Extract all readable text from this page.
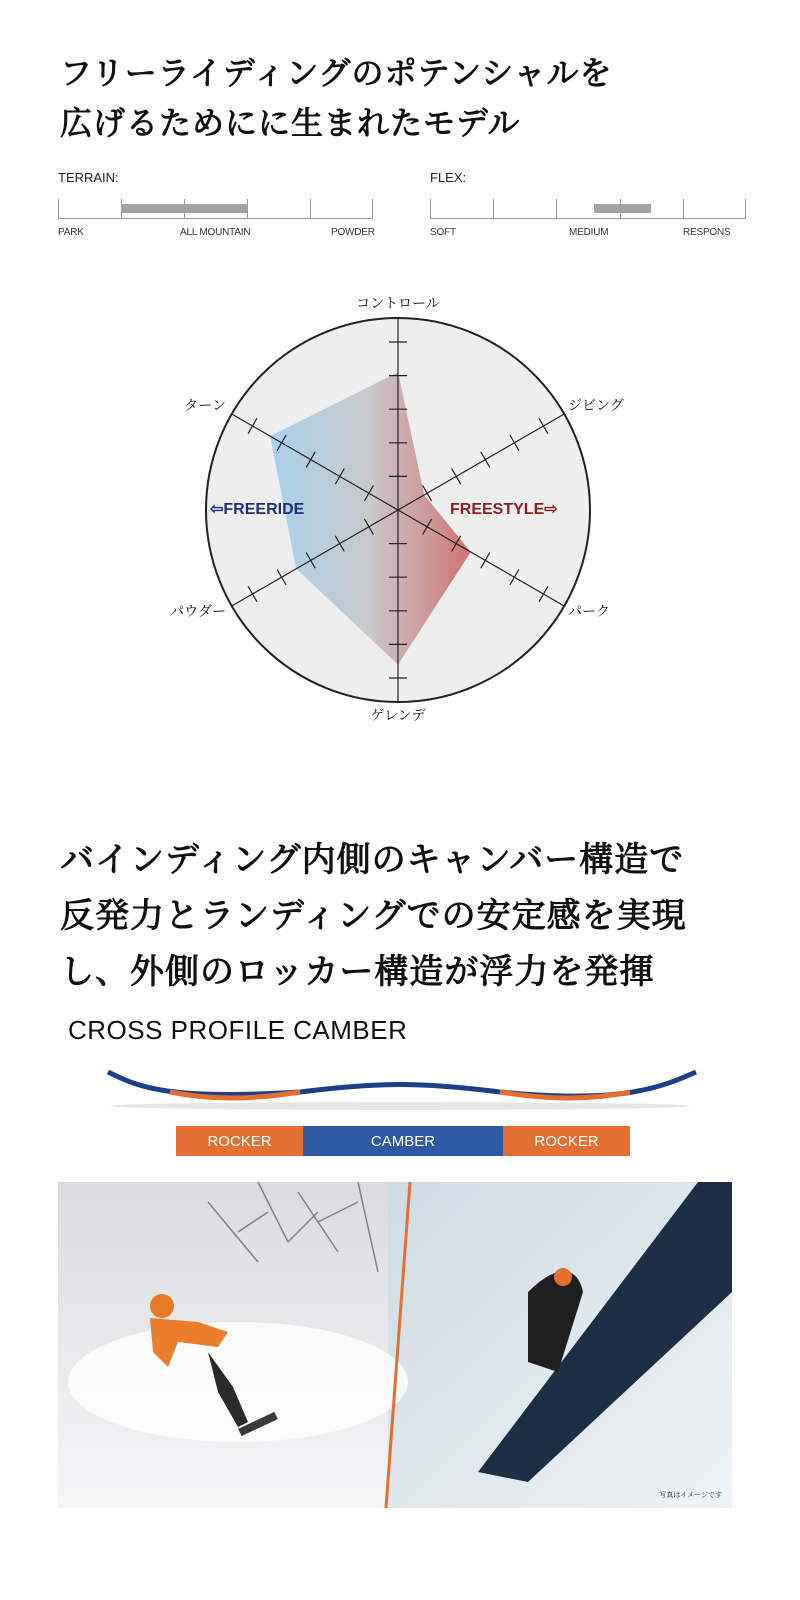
フリーライディングのポテンシャルを
広げるためにに生まれたモデル
TERRAIN:
PARK	ALL MOUNTAIN	POWDER
FLEX:
SOFT	MEDIUM	RESPONS
コントロール
ジビング
パーク
ゲレンデ
パウダー
ターン
⇦FREERIDE	FREESTYLE⇨
バインディング内側のキャンバー構造で
反発力とランディングでの安定感を実現
し、外側のロッカー構造が浮力を発揮
CROSS PROFILE CAMBER
ROCKER	CAMBER	ROCKER
写真はイメージです
